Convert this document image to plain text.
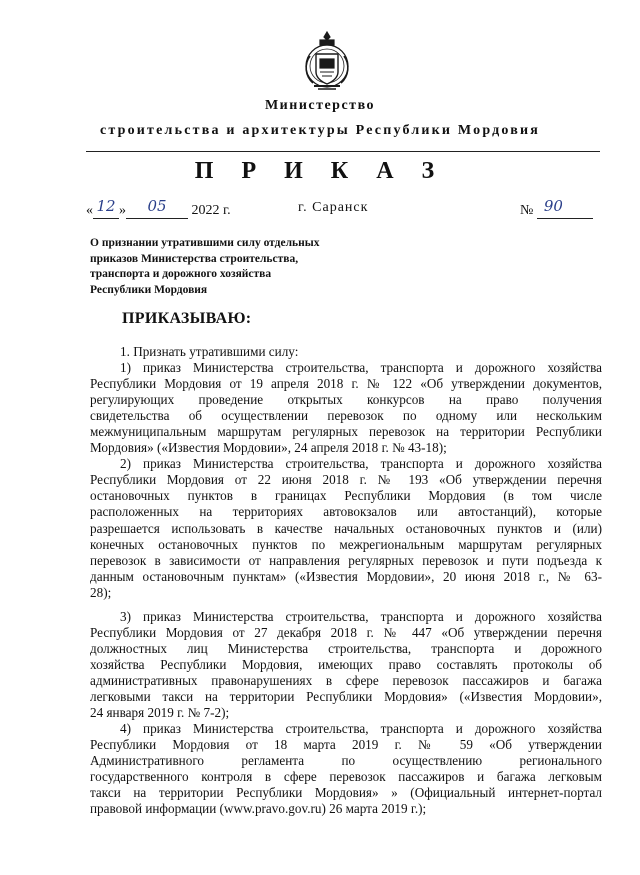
Министерство
строительства и архитектуры Республики Мордовия
П Р И К А З
« 12 » 05 2022 г.	г. Саранск	№ 90
О признании утратившими силу отдельных приказов Министерства строительства, транспорта и дорожного хозяйства Республики Мордовия
ПРИКАЗЫВАЮ:

1. Признать утратившими силу:

1) приказ Министерства строительства, транспорта и дорожного хозяйства
Республики Мордовия от 19 апреля 2018 г. № 122 «Об утверждении документов,
регулирующих проведение открытых конкурсов на право получения
свидетельства об осуществлении перевозок по одному или нескольким
межмуниципальным маршрутам регулярных перевозок на территории Республики
Мордовия» («Известия Мордовии», 24 апреля 2018 г. № 43-18);

2) приказ Министерства строительства, транспорта и дорожного хозяйства
Республики Мордовия от 22 июня 2018 г. № 193 «Об утверждении перечня
остановочных пунктов в границах Республики Мордовия (в том числе
расположенных на территориях автовокзалов или автостанций), которые
разрешается использовать в качестве начальных остановочных пунктов и (или)
конечных остановочных пунктов по межрегиональным маршрутам регулярных
перевозок в зависимости от направления регулярных перевозок и пути подъезда к
данным остановочным пунктам» («Известия Мордовии», 20 июня 2018 г., № 63-
28);

3) приказ Министерства строительства, транспорта и дорожного хозяйства
Республики Мордовия от 27 декабря 2018 г. № 447 «Об утверждении перечня
должностных лиц Министерства строительства, транспорта и дорожного
хозяйства Республики Мордовия, имеющих право составлять протоколы об
административных правонарушениях в сфере перевозок пассажиров и багажа
легковыми такси на территории Республики Мордовия» («Известия Мордовии»,
24 января 2019 г. № 7-2);

4) приказ Министерства строительства, транспорта и дорожного хозяйства
Республики Мордовия от 18 марта 2019 г. № 59 «Об утверждении
Административного регламента по осуществлению регионального
государственного контроля в сфере перевозок пассажиров и багажа легковым
такси на территории Республики Мордовия» » (Официальный интернет-портал
правовой информации (www.pravo.gov.ru) 26 марта 2019 г.);
